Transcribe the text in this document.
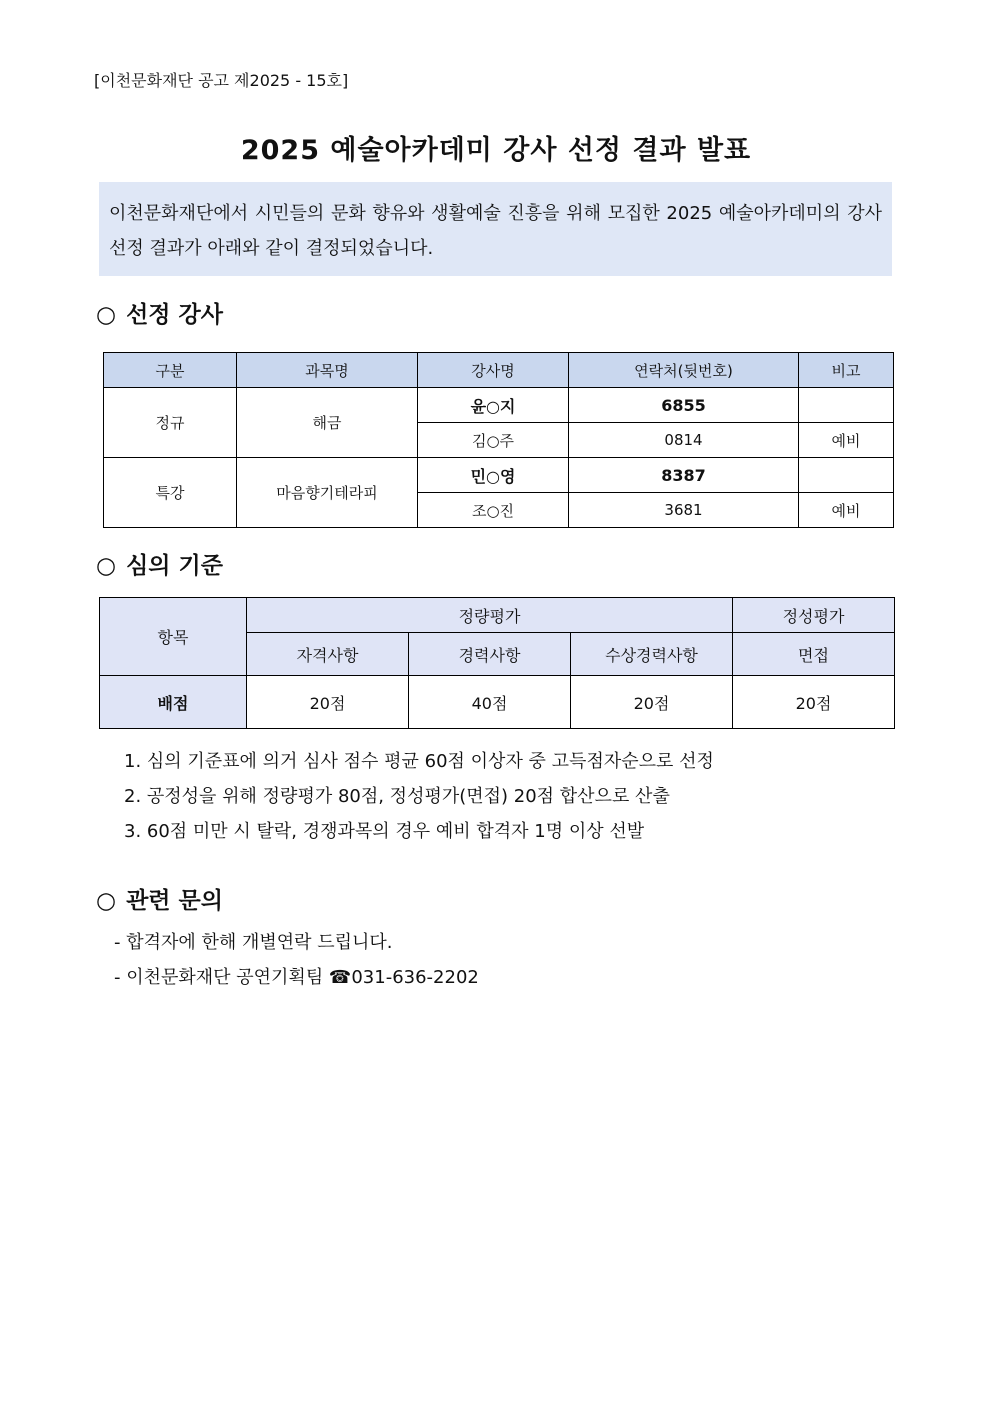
[이천문화재단 공고 제2025 - 15호]
2025 예술아카데미 강사 선정 결과 발표
이천문화재단에서 시민들의 문화 향유와 생활예술 진흥을 위해 모집한 2025 예술아카데미의 강사 선정 결과가 아래와 같이 결정되었습니다.
○ 선정 강사
구분	과목명	강사명	연락처(뒷번호)	비고
정규	해금	윤○지	6855	
		김○주	0814	예비
특강	마음향기테라피	민○영	8387	
		조○진	3681	예비
○ 심의 기준
항목	정량평가			정성평가
	자격사항	경력사항	수상경력사항	면접
배점	20점	40점	20점	20점
1. 심의 기준표에 의거 심사 점수 평균 60점 이상자 중 고득점자순으로 선정
2. 공정성을 위해 정량평가 80점, 정성평가(면접) 20점 합산으로 산출
3. 60점 미만 시 탈락, 경쟁과목의 경우 예비 합격자 1명 이상 선발
○ 관련 문의
- 합격자에 한해 개별연락 드립니다.
- 이천문화재단 공연기획팀 ☎031-636-2202
